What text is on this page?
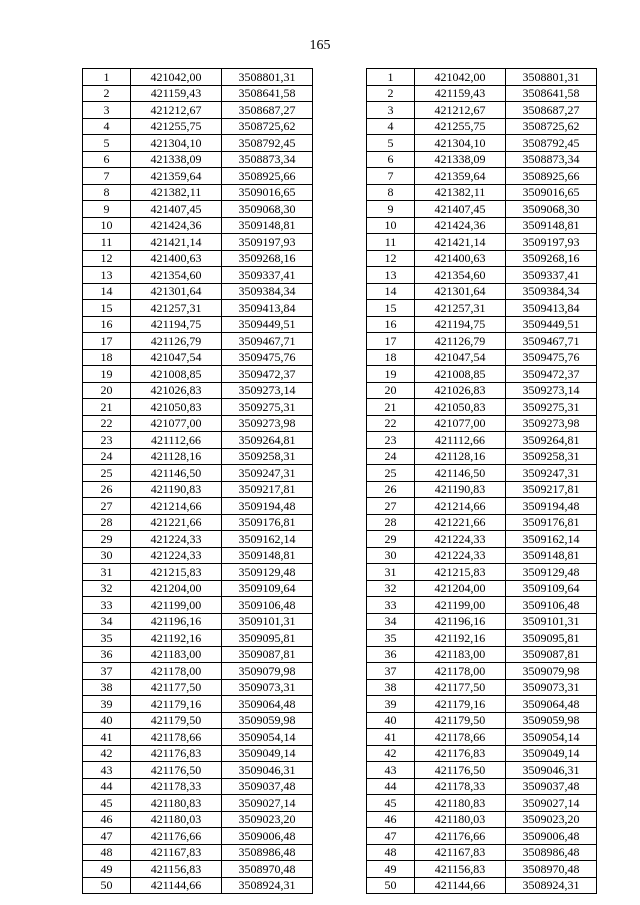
165
1	421042,00	3508801,31		1	421042,00	3508801,31
2	421159,43	3508641,58		2	421159,43	3508641,58
3	421212,67	3508687,27		3	421212,67	3508687,27
4	421255,75	3508725,62		4	421255,75	3508725,62
5	421304,10	3508792,45		5	421304,10	3508792,45
6	421338,09	3508873,34		6	421338,09	3508873,34
7	421359,64	3508925,66		7	421359,64	3508925,66
8	421382,11	3509016,65		8	421382,11	3509016,65
9	421407,45	3509068,30		9	421407,45	3509068,30
10	421424,36	3509148,81		10	421424,36	3509148,81
11	421421,14	3509197,93		11	421421,14	3509197,93
12	421400,63	3509268,16		12	421400,63	3509268,16
13	421354,60	3509337,41		13	421354,60	3509337,41
14	421301,64	3509384,34		14	421301,64	3509384,34
15	421257,31	3509413,84		15	421257,31	3509413,84
16	421194,75	3509449,51		16	421194,75	3509449,51
17	421126,79	3509467,71		17	421126,79	3509467,71
18	421047,54	3509475,76		18	421047,54	3509475,76
19	421008,85	3509472,37		19	421008,85	3509472,37
20	421026,83	3509273,14		20	421026,83	3509273,14
21	421050,83	3509275,31		21	421050,83	3509275,31
22	421077,00	3509273,98		22	421077,00	3509273,98
23	421112,66	3509264,81		23	421112,66	3509264,81
24	421128,16	3509258,31		24	421128,16	3509258,31
25	421146,50	3509247,31		25	421146,50	3509247,31
26	421190,83	3509217,81		26	421190,83	3509217,81
27	421214,66	3509194,48		27	421214,66	3509194,48
28	421221,66	3509176,81		28	421221,66	3509176,81
29	421224,33	3509162,14		29	421224,33	3509162,14
30	421224,33	3509148,81		30	421224,33	3509148,81
31	421215,83	3509129,48		31	421215,83	3509129,48
32	421204,00	3509109,64		32	421204,00	3509109,64
33	421199,00	3509106,48		33	421199,00	3509106,48
34	421196,16	3509101,31		34	421196,16	3509101,31
35	421192,16	3509095,81		35	421192,16	3509095,81
36	421183,00	3509087,81		36	421183,00	3509087,81
37	421178,00	3509079,98		37	421178,00	3509079,98
38	421177,50	3509073,31		38	421177,50	3509073,31
39	421179,16	3509064,48		39	421179,16	3509064,48
40	421179,50	3509059,98		40	421179,50	3509059,98
41	421178,66	3509054,14		41	421178,66	3509054,14
42	421176,83	3509049,14		42	421176,83	3509049,14
43	421176,50	3509046,31		43	421176,50	3509046,31
44	421178,33	3509037,48		44	421178,33	3509037,48
45	421180,83	3509027,14		45	421180,83	3509027,14
46	421180,03	3509023,20		46	421180,03	3509023,20
47	421176,66	3509006,48		47	421176,66	3509006,48
48	421167,83	3508986,48		48	421167,83	3508986,48
49	421156,83	3508970,48		49	421156,83	3508970,48
50	421144,66	3508924,31		50	421144,66	3508924,31
